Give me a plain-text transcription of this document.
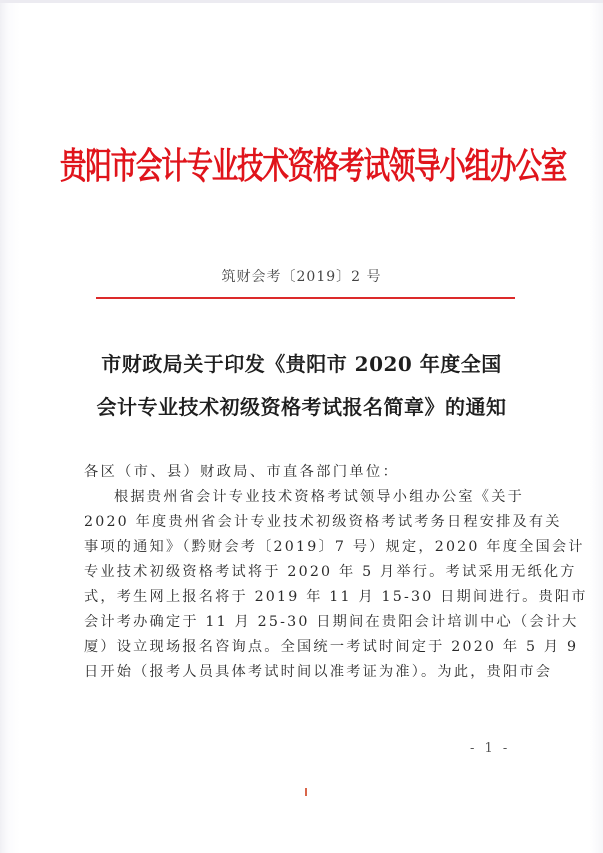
贵阳市会计专业技术资格考试领导小组办公室
筑财会考〔2019〕2 号
市财政局关于印发《贵阳市 2020 年度全国
会计专业技术初级资格考试报名简章》的通知
各区（市、县）财政局、市直各部门单位：
根据贵州省会计专业技术资格考试领导小组办公室《关于
2020 年度贵州省会计专业技术初级资格考试考务日程安排及有关
事项的通知》（黔财会考〔2019〕7 号）规定，2020 年度全国会计
专业技术初级资格考试将于 2020 年 5 月举行。考试采用无纸化方
式，考生网上报名将于 2019 年 11 月 15-30 日期间进行。贵阳市
会计考办确定于 11 月 25-30 日期间在贵阳会计培训中心（会计大
厦）设立现场报名咨询点。全国统一考试时间定于 2020 年 5 月 9
日开始（报考人员具体考试时间以准考证为准）。为此，贵阳市会
- 1 -
